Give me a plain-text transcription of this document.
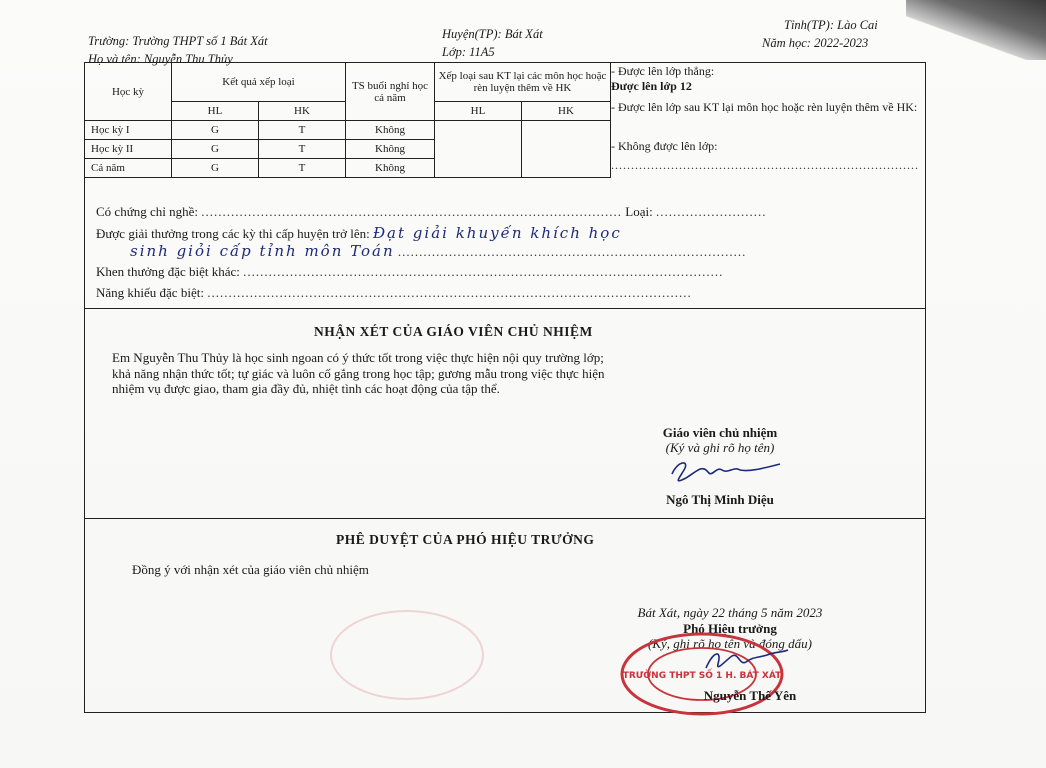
Trường: Trường THPT số 1 Bát Xát
Họ và tên: Nguyễn Thu Thủy
Huyện(TP): Bát Xát
Lớp: 11A5
Tỉnh(TP): Lào Cai
Năm học: 2022-2023
Học kỳ	Kết quả xếp loại		TS buổi nghỉ học cả năm	Xếp loại sau KT lại các môn học hoặc rèn luyện thêm về HK	
	HL	HK		HL	HK
Học kỳ I	G	T	Không		
Học kỳ II	G	T	Không		
Cả năm	G	T	Không		
- Được lên lớp thẳng:
Được lên lớp 12
- Được lên lớp sau KT lại môn học hoặc rèn luyện thêm về HK:
- Không được lên lớp:
.............................................................................
Có chứng chỉ nghề: ................................................................................................... Loại: ..........................
Được giải thưởng trong các kỳ thi cấp huyện trở lên: Đạt giải khuyến khích học
sinh giỏi cấp tỉnh môn Toán ..................................................................................
Khen thưởng đặc biệt khác: .................................................................................................................
Năng khiếu đặc biệt: ..................................................................................................................
NHẬN XÉT CỦA GIÁO VIÊN CHỦ NHIỆM
Em Nguyễn Thu Thủy là học sinh ngoan có ý thức tốt trong việc thực hiện nội quy trường lớp;
khả năng nhận thức tốt; tự giác và luôn cố gắng trong học tập; gương mẫu trong việc thực hiện
nhiệm vụ được giao, tham gia đầy đủ, nhiệt tình các hoạt động của tập thể.
Giáo viên chủ nhiệm
(Ký và ghi rõ họ tên)
Ngô Thị Minh Diệu
PHÊ DUYỆT CỦA PHÓ HIỆU TRƯỞNG
Đồng ý với nhận xét của giáo viên chủ nhiệm
Bát Xát, ngày 22 tháng 5 năm 2023
Phó Hiệu trưởng
(Ký, ghi rõ họ tên và đóng dấu)
TRƯỜNG THPT SỐ 1 H. BÁT XÁT
Nguyễn Thế Yên
